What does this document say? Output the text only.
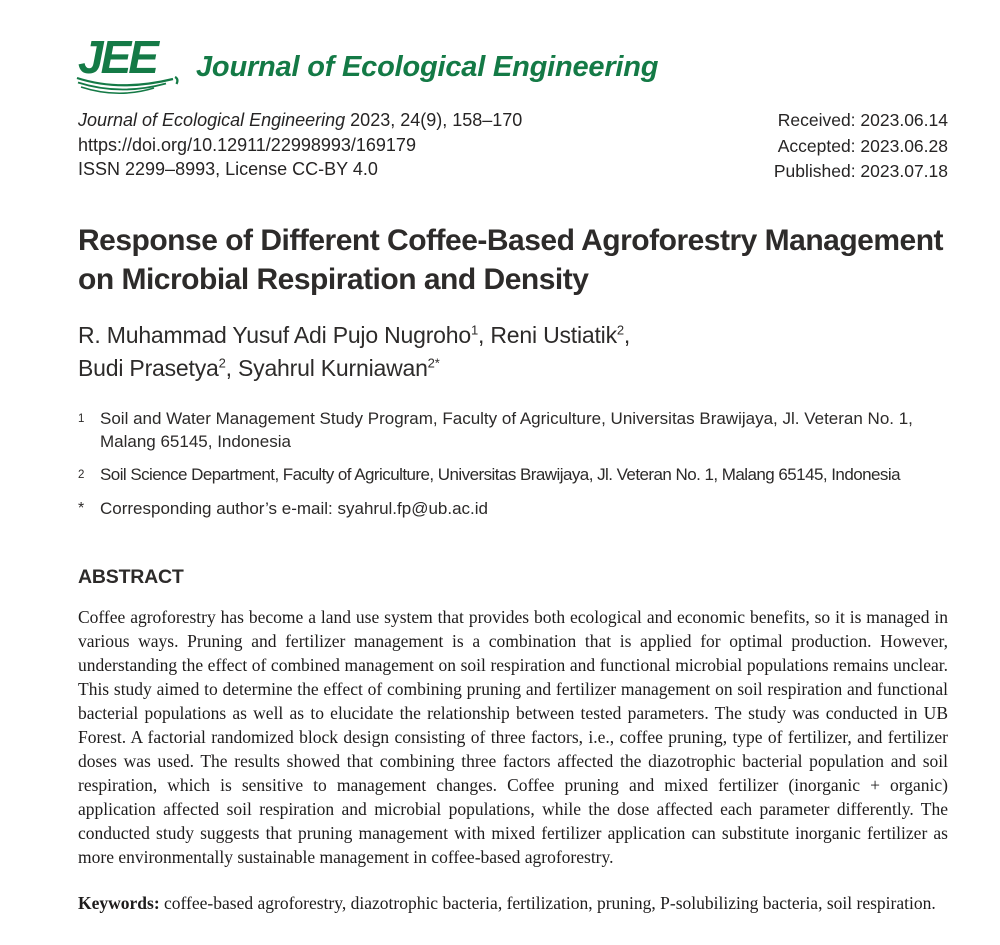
JEE	Journal of Ecological Engineering
Journal of Ecological Engineering 2023, 24(9), 158–170
https://doi.org/10.12911/22998993/169179
ISSN 2299–8993, License CC-BY 4.0
Received: 2023.06.14
Accepted: 2023.06.28
Published: 2023.07.18
Response of Different Coffee-Based Agroforestry Management
on Microbial Respiration and Density
R. Muhammad Yusuf Adi Pujo Nugroho$^1$, Reni Ustiatik$^2$,
Budi Prasetya$^2$, Syahrul Kurniawan$^{2*}$
1 Soil and Water Management Study Program, Faculty of Agriculture, Universitas Brawijaya, Jl. Veteran No. 1, Malang 65145, Indonesia
2 Soil Science Department, Faculty of Agriculture, Universitas Brawijaya, Jl. Veteran No. 1, Malang 65145, Indonesia
* Corresponding author’s e-mail: syahrul.fp@ub.ac.id
ABSTRACT

Coffee agroforestry has become a land use system that provides both ecological and economic benefits, so it is managed in various ways. Pruning and fertilizer management is a combination that is applied for optimal production. However, understanding the effect of combined management on soil respiration and functional microbial populations remains unclear. This study aimed to determine the effect of combining pruning and fertilizer management on soil respiration and functional bacterial populations as well as to elucidate the relationship between tested parameters. The study was conducted in UB Forest. A factorial randomized block design consisting of three factors, i.e., coffee pruning, type of fertilizer, and fertilizer doses was used. The results showed that combining three factors affected the diazotrophic bacterial population and soil respiration, which is sensitive to management changes. Coffee pruning and mixed fertilizer (inorganic + organic) application affected soil respiration and microbial populations, while the dose affected each parameter differently. The conducted study suggests that pruning management with mixed fertilizer application can substitute inorganic fertilizer as more environmentally sustainable management in coffee-based agroforestry.

Keywords: coffee-based agroforestry, diazotrophic bacteria, fertilization, pruning, P-solubilizing bacteria, soil respiration.
